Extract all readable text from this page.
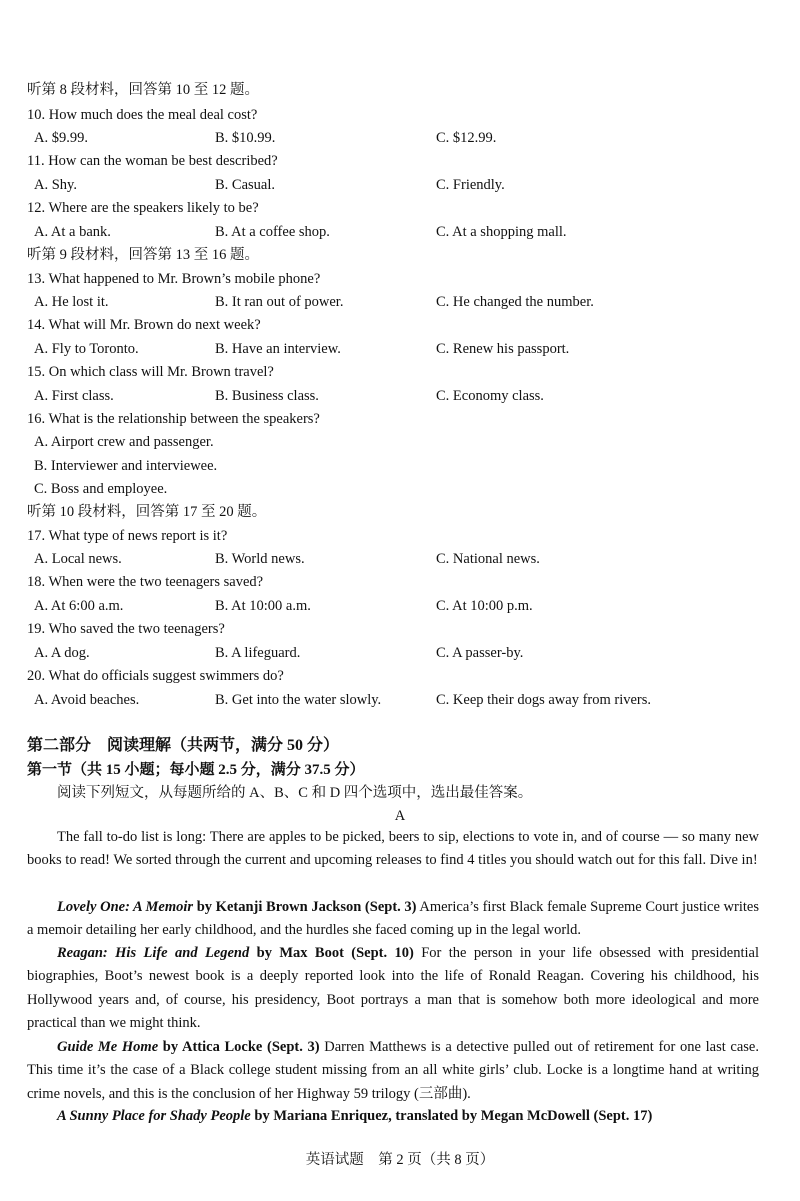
听第 8 段材料，回答第 10 至 12 题。
10. How much does the meal deal cost?
A. $9.99.	B. $10.99.	C. $12.99.
11. How can the woman be best described?
A. Shy.	B. Casual.	C. Friendly.
12. Where are the speakers likely to be?
A. At a bank.	B. At a coffee shop.	C. At a shopping mall.
听第 9 段材料，回答第 13 至 16 题。
13. What happened to Mr. Brown’s mobile phone?
A. He lost it.	B. It ran out of power.	C. He changed the number.
14. What will Mr. Brown do next week?
A. Fly to Toronto.	B. Have an interview.	C. Renew his passport.
15. On which class will Mr. Brown travel?
A. First class.	B. Business class.	C. Economy class.
16. What is the relationship between the speakers?
A. Airport crew and passenger.
B. Interviewer and interviewee.
C. Boss and employee.
听第 10 段材料，回答第 17 至 20 题。
17. What type of news report is it?
A. Local news.	B. World news.	C. National news.
18. When were the two teenagers saved?
A. At 6:00 a.m.	B. At 10:00 a.m.	C. At 10:00 p.m.
19. Who saved the two teenagers?
A. A dog.	B. A lifeguard.	C. A passer-by.
20. What do officials suggest swimmers do?
A. Avoid beaches.	B. Get into the water slowly.	C. Keep their dogs away from rivers.
第二部分　阅读理解（共两节，满分 50 分）
第一节（共 15 小题；每小题 2.5 分，满分 37.5 分）
阅读下列短文，从每题所给的 A、B、C 和 D 四个选项中，选出最佳答案。
A
The fall to-do list is long: There are apples to be picked, beers to sip, elections to vote in, and of course — so many new books to read! We sorted through the current and upcoming releases to find 4 titles you should watch out for this fall. Dive in!
Lovely One: A Memoir by Ketanji Brown Jackson (Sept. 3) America’s first Black female Supreme Court justice writes a memoir detailing her early childhood, and the hurdles she faced coming up in the legal world.
Reagan: His Life and Legend by Max Boot (Sept. 10) For the person in your life obsessed with presidential biographies, Boot’s newest book is a deeply reported look into the life of Ronald Reagan. Covering his childhood, his Hollywood years and, of course, his presidency, Boot portrays a man that is somehow both more ideological and more practical than we might think.
Guide Me Home by Attica Locke (Sept. 3) Darren Matthews is a detective pulled out of retirement for one last case. This time it’s the case of a Black college student missing from an all white girls’ club. Locke is a longtime hand at writing crime novels, and this is the conclusion of her Highway 59 trilogy (三部曲).
A Sunny Place for Shady People by Mariana Enriquez, translated by Megan McDowell (Sept. 17)
英语试题　第 2 页（共 8 页）
